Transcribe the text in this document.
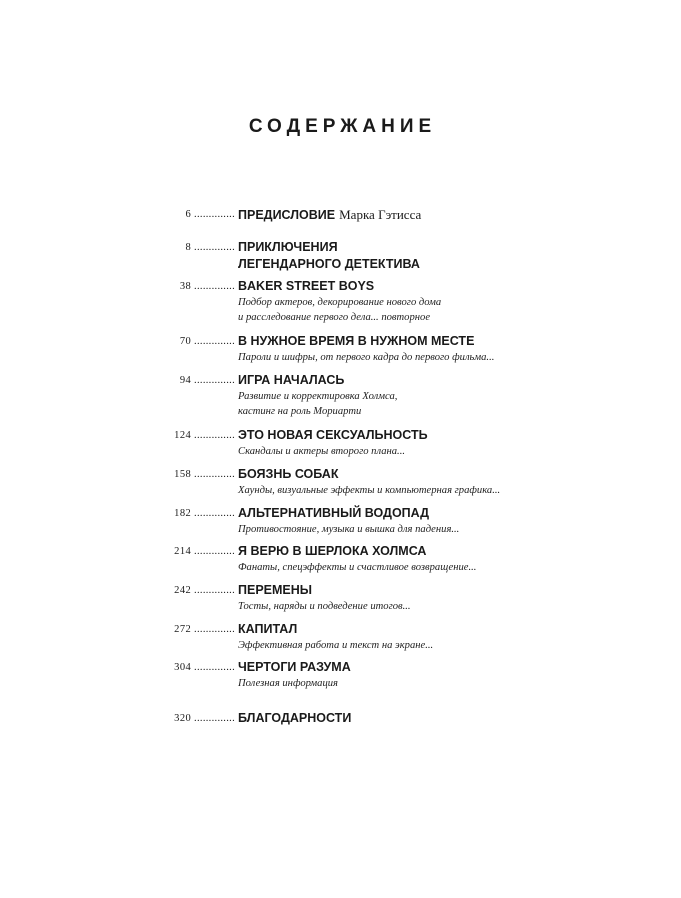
СОДЕРЖАНИЕ
6 .............. ПРЕДИСЛОВИЕ Марка Гэтисса
8 .............. ПРИКЛЮЧЕНИЯ
ЛЕГЕНДАРНОГО ДЕТЕКТИВА
38 .............. BAKER STREET BOYS
Подбор актеров, декорирование нового дома
и расследование первого дела... повторное
70 .............. В НУЖНОЕ ВРЕМЯ В НУЖНОМ МЕСТЕ
Пароли и шифры, от первого кадра до первого фильма...
94 .............. ИГРА НАЧАЛАСЬ
Развитие и корректировка Холмса,
кастинг на роль Мориарти
124 .............. ЭТО НОВАЯ СЕКСУАЛЬНОСТЬ
Скандалы и актеры второго плана...
158 .............. БОЯЗНЬ СОБАК
Хаунды, визуальные эффекты и компьютерная графика...
182 .............. АЛЬТЕРНАТИВНЫЙ ВОДОПАД
Противостояние, музыка и вышка для падения...
214 .............. Я ВЕРЮ В ШЕРЛОКА ХОЛМСА
Фанаты, спецэффекты и счастливое возвращение...
242 .............. ПЕРЕМЕНЫ
Тосты, наряды и подведение итогов...
272 .............. КАПИТАЛ
Эффективная работа и текст на экране...
304 .............. ЧЕРТОГИ РАЗУМА
Полезная информация
320 .............. БЛАГОДАРНОСТИ
